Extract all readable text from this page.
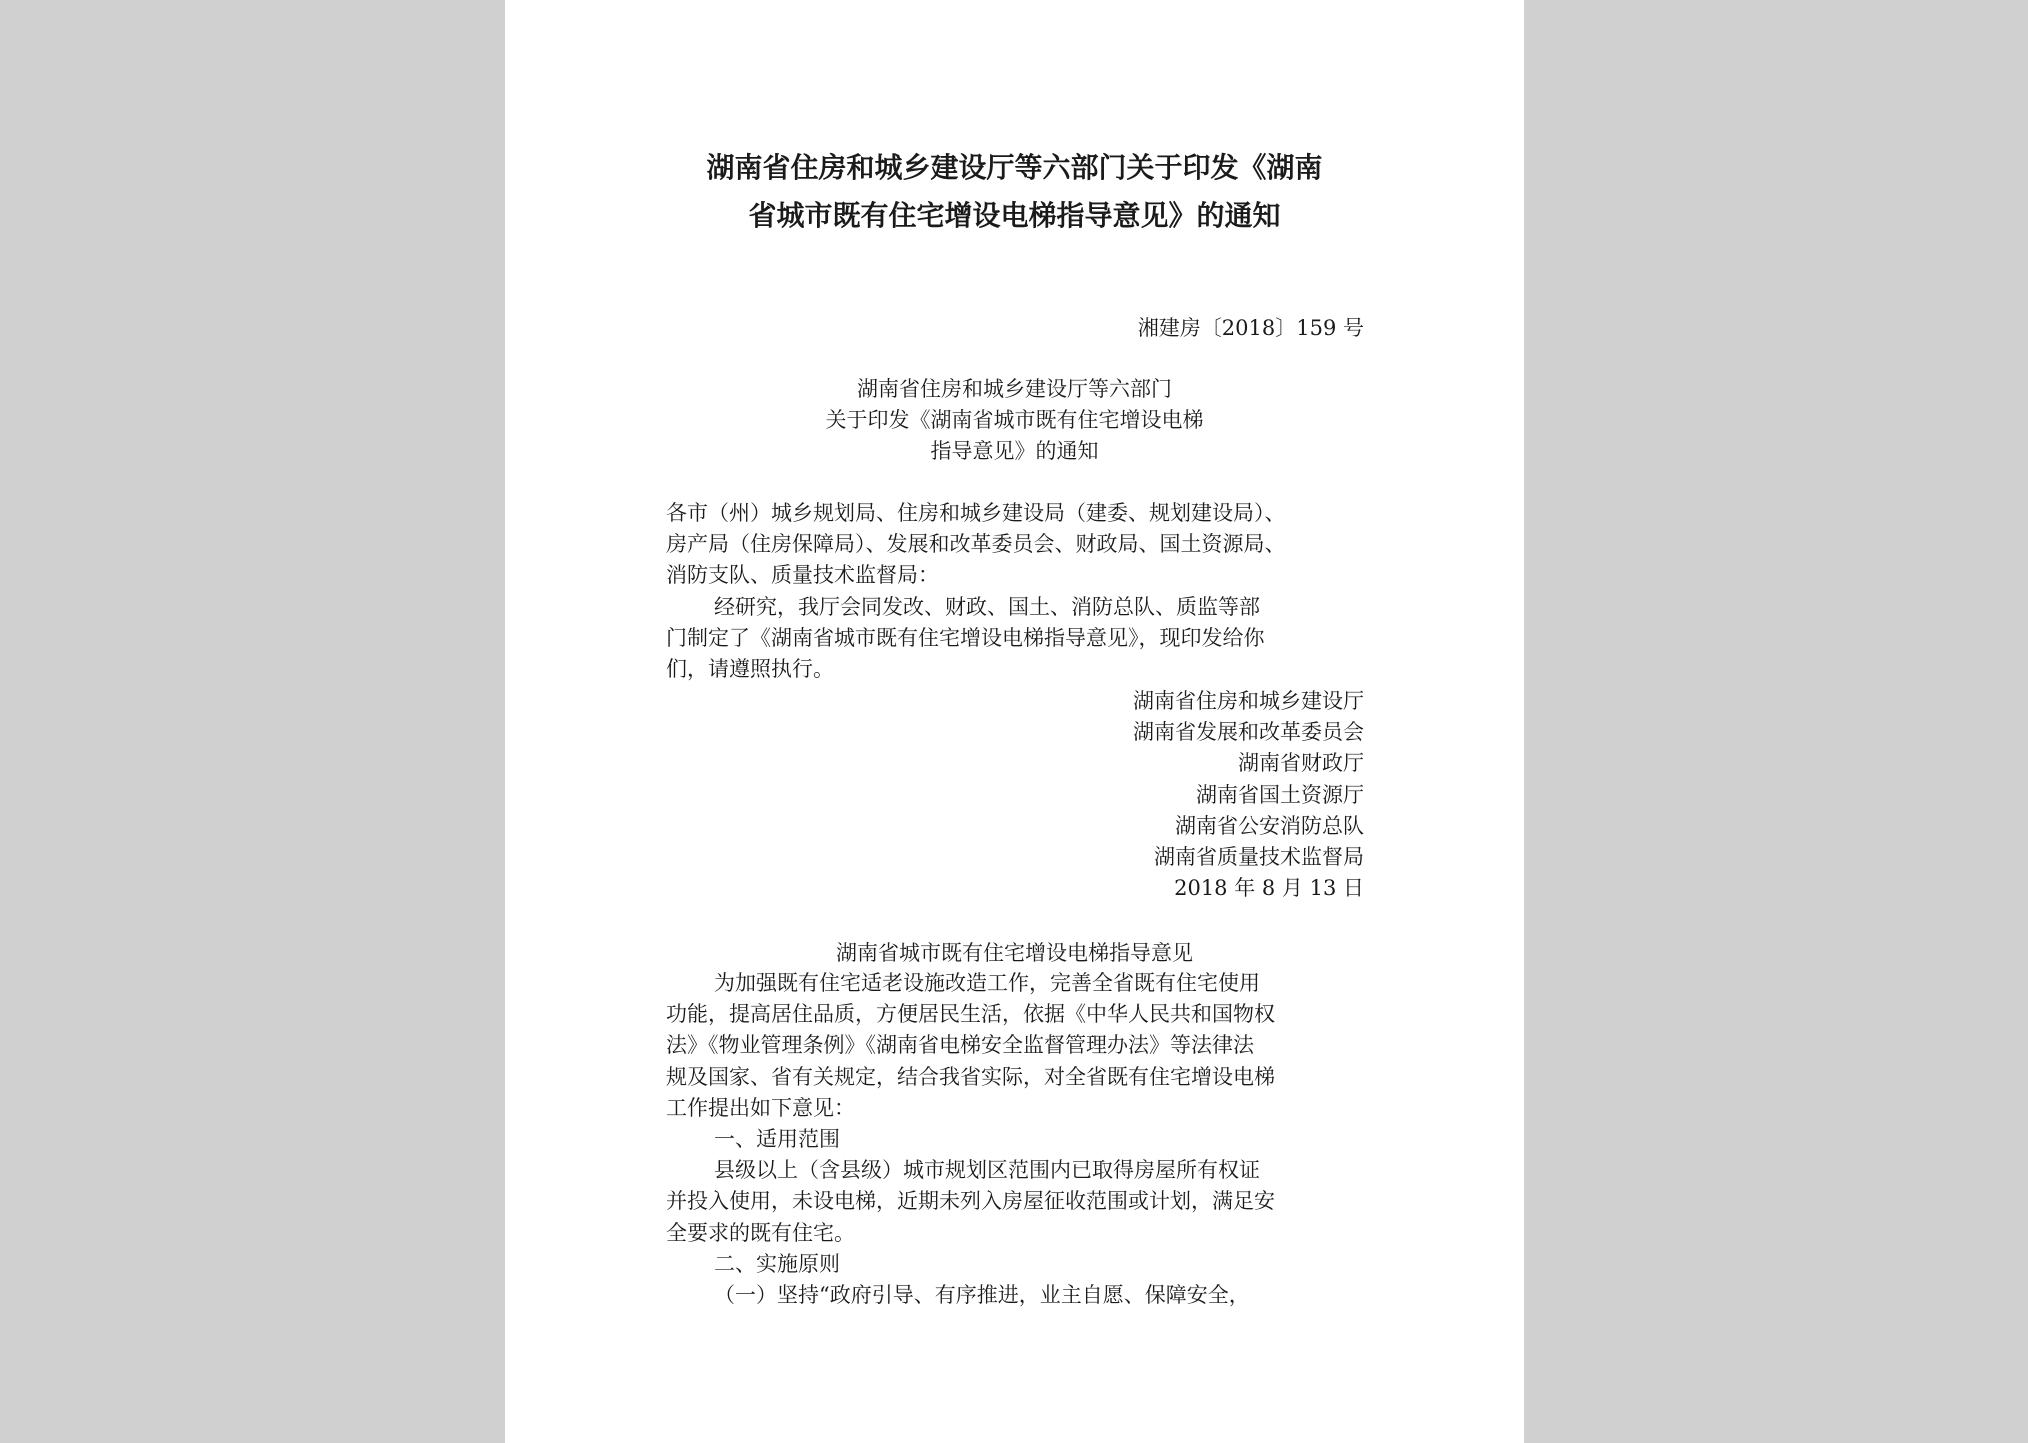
湖南省住房和城乡建设厅等六部门关于印发《湖南
省城市既有住宅增设电梯指导意见》的通知
湘建房〔2018〕159 号
湖南省住房和城乡建设厅等六部门
关于印发《湖南省城市既有住宅增设电梯
指导意见》的通知
各市（州）城乡规划局、住房和城乡建设局（建委、规划建设局）、
房产局（住房保障局）、发展和改革委员会、财政局、国土资源局、
消防支队、质量技术监督局：
经研究，我厅会同发改、财政、国土、消防总队、质监等部
门制定了《湖南省城市既有住宅增设电梯指导意见》，现印发给你
们，请遵照执行。
湖南省住房和城乡建设厅
湖南省发展和改革委员会
湖南省财政厅
湖南省国土资源厅
湖南省公安消防总队
湖南省质量技术监督局
2018 年 8 月 13 日
湖南省城市既有住宅增设电梯指导意见
为加强既有住宅适老设施改造工作，完善全省既有住宅使用
功能，提高居住品质，方便居民生活，依据《中华人民共和国物权
法》《物业管理条例》《湖南省电梯安全监督管理办法》等法律法
规及国家、省有关规定，结合我省实际，对全省既有住宅增设电梯
工作提出如下意见：
一、适用范围
县级以上（含县级）城市规划区范围内已取得房屋所有权证
并投入使用，未设电梯，近期未列入房屋征收范围或计划，满足安
全要求的既有住宅。
二、实施原则
（一）坚持“政府引导、有序推进，业主自愿、保障安全，
